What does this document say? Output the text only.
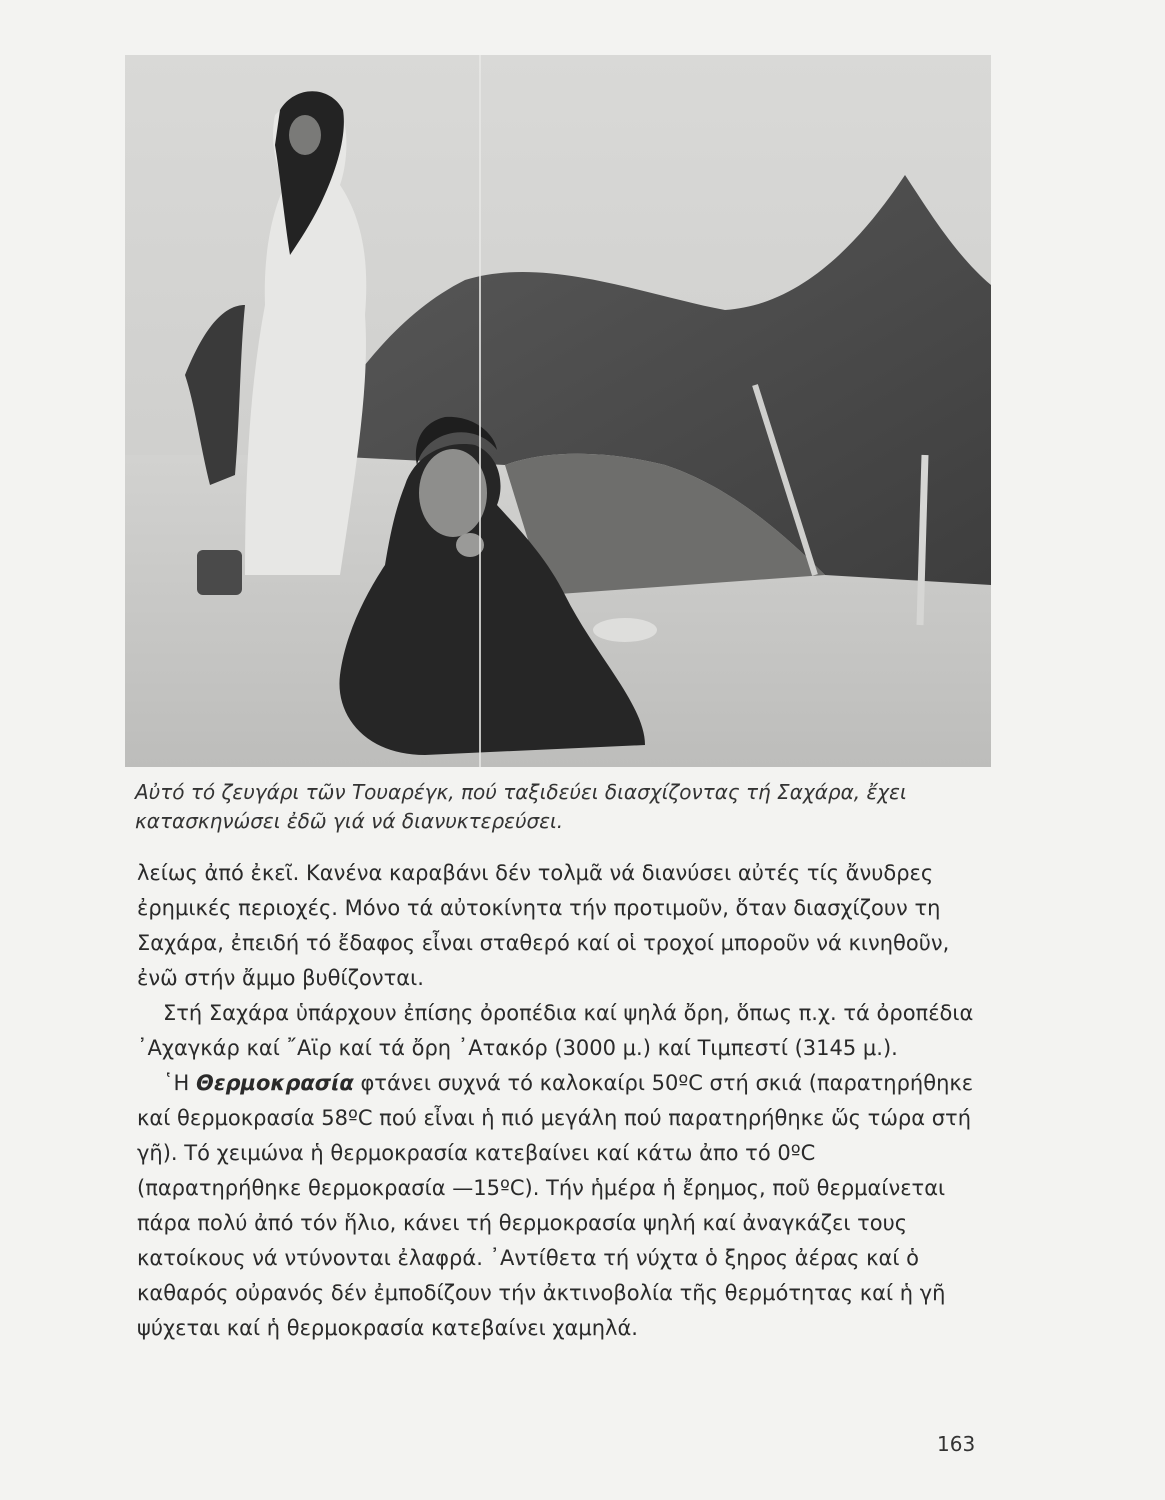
Αὐτό τό ζευγάρι τῶν Τουαρέγκ, πού ταξιδεύει διασχίζοντας τή Σαχάρα, ἔχει
κατασκηνώσει ἐδῶ γιά νά διανυκτερεύσει.

λείως ἀπό ἐκεῖ. Κανένα καραβάνι δέν τολμᾶ νά διανύσει αὐτές τίς ἄνυδρες ἐρημικές περιοχές. Μόνο τά αὐτοκίνητα τήν προτιμοῦν, ὅταν διασχίζουν τη Σαχάρα, ἐπειδή τό ἔδαφος εἶναι σταθερό καί οἱ τροχοί μποροῦν νά κινηθοῦν, ἐνῶ στήν ἄμμο βυθίζονται.

Στή Σαχάρα ὑπάρχουν ἐπίσης ὀροπέδια καί ψηλά ὄρη, ὅπως π.χ. τά ὀροπέδια ᾿Αχαγκάρ καί ῎Αϊρ καί τά ὄρη ᾿Ατακόρ (3000 μ.) καί Τιμπεστί (3145 μ.).

῾Η Θερμοκρασία φτάνει συχνά τό καλοκαίρι 50ºC στή σκιά (παρατηρήθηκε καί θερμοκρασία 58ºC πού εἶναι ἡ πιό μεγάλη πού παρατηρήθηκε ὥς τώρα στή γῆ). Τό χειμώνα ἡ θερμοκρασία κατεβαίνει καί κάτω ἀπο τό 0ºC (παρατηρήθηκε θερμοκρασία —15ºC). Τήν ἡμέρα ἡ ἔρημος, ποῦ θερμαίνεται πάρα πολύ ἀπό τόν ἥλιο, κάνει τή θερμοκρασία ψηλή καί ἀναγκάζει τους κατοίκους νά ντύνονται ἐλαφρά. ᾿Αντίθετα τή νύχτα ὁ ξηρος ἀέρας καί ὁ καθαρός οὐρανός δέν ἐμποδίζουν τήν ἀκτινοβολία τῆς θερμότητας καί ἡ γῆ ψύχεται καί ἡ θερμοκρασία κατεβαίνει χαμηλά.

163
